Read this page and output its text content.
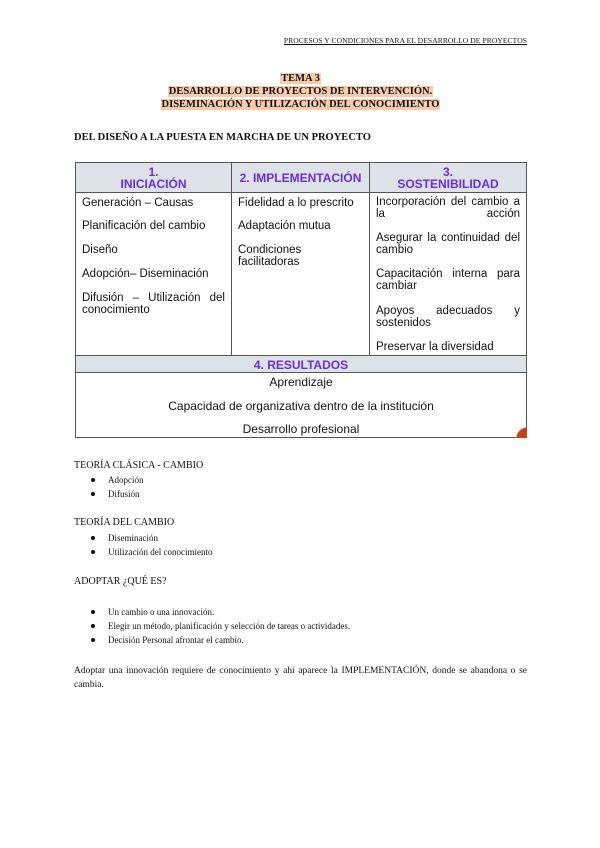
PROCESOS Y CONDICIONES PARA EL DESARROLLO DE PROYECTOS
TEMA 3
DESARROLLO DE PROYECTOS DE INTERVENCIÓN.
DISEMINACIÓN Y UTILIZACIÓN DEL CONOCIMIENTO
DEL DISEÑO A LA PUESTA EN MARCHA DE UN PROYECTO
1.
INICIACIÓN	2. IMPLEMENTACIÓN	3.
SOSTENIBILIDAD
Generación – Causas
Planificación del cambio
Diseño
Adopción– Diseminación
Difusión – Utilización del conocimiento
Fidelidad a lo prescrito
Adaptación mutua
Condiciones facilitadoras
Incorporación del cambio a la acción
Asegurar la continuidad del cambio
Capacitación interna para cambiar
Apoyos adecuados y sostenidos
Preservar la diversidad
4. RESULTADOS
Aprendizaje
Capacidad de organizativa dentro de la institución
Desarrollo profesional
TEORÍA CLÁSICA - CAMBIO
Adopción
Difusión
TEORÍA DEL CAMBIO
Diseminación
Utilización del conocimiento
ADOPTAR ¿QUÉ ES?
Un cambio o una innovación.
Elegir un método, planificación y selección de tareas o actividades.
Decisión Personal afrontar el cambio.
Adoptar una innovación requiere de conocimiento y ahí aparece la IMPLEMENTACIÓN, donde se abandona o se cambia.
